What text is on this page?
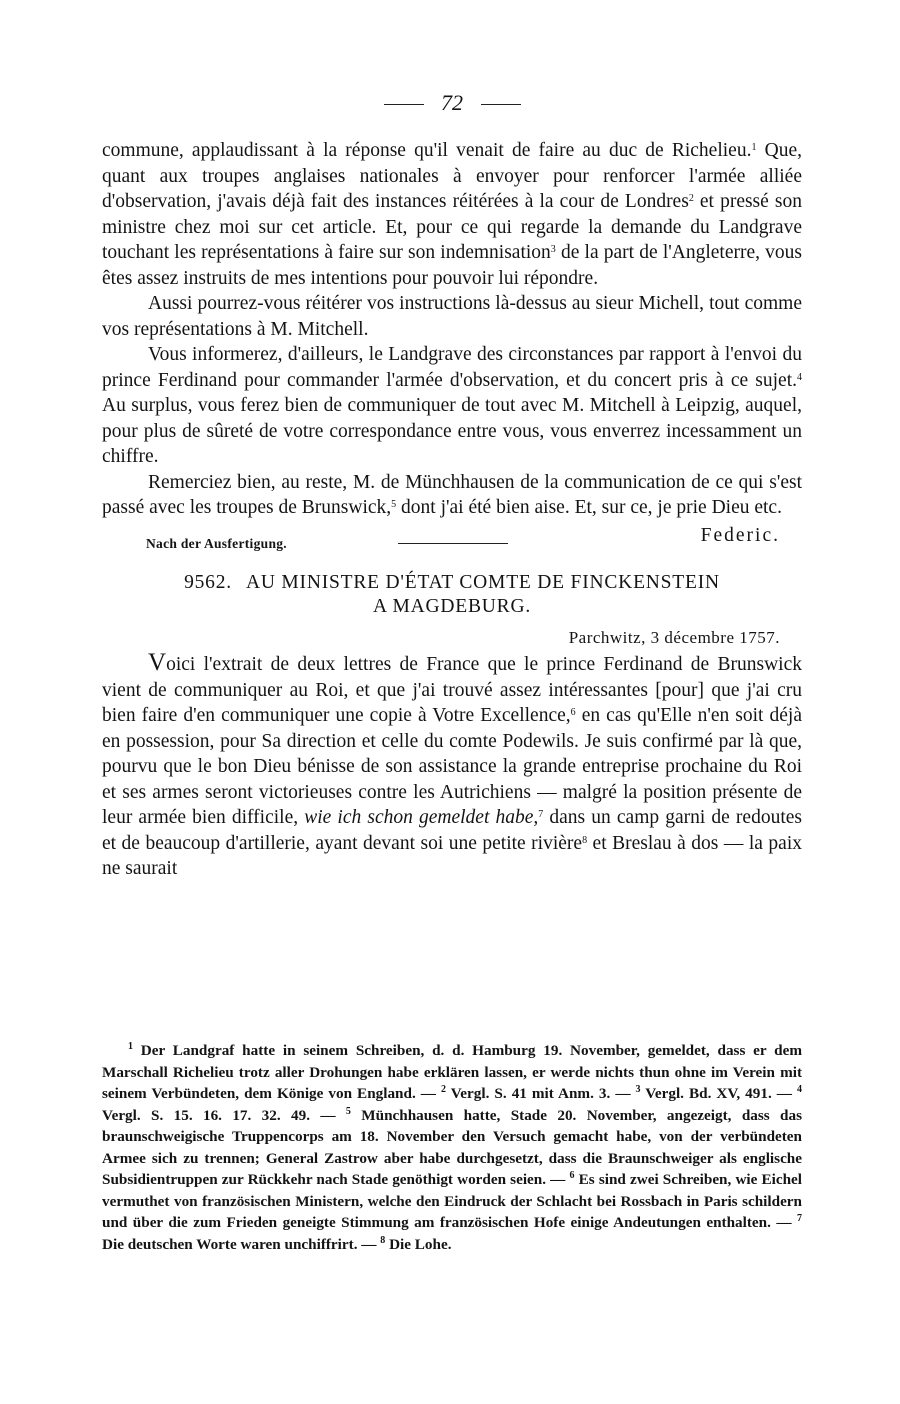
72

commune, applaudissant à la réponse qu'il venait de faire au duc de Richelieu.$^1$ Que, quant aux troupes anglaises nationales à envoyer pour renforcer l'armée alliée d'observation, j'avais déjà fait des instances réitérées à la cour de Londres$^2$ et pressé son ministre chez moi sur cet article. Et, pour ce qui regarde la demande du Landgrave touchant les représentations à faire sur son indemnisation$^3$ de la part de l'Angleterre, vous êtes assez instruits de mes intentions pour pouvoir lui répondre.

Aussi pourrez-vous réitérer vos instructions là-dessus au sieur Michell, tout comme vos représentations à M. Mitchell.

Vous informerez, d'ailleurs, le Landgrave des circonstances par rapport à l'envoi du prince Ferdinand pour commander l'armée d'observation, et du concert pris à ce sujet.$^4$ Au surplus, vous ferez bien de communiquer de tout avec M. Mitchell à Leipzig, auquel, pour plus de sûreté de votre correspondance entre vous, vous enverrez incessamment un chiffre.

Remerciez bien, au reste, M. de Münchhausen de la communication de ce qui s'est passé avec les troupes de Brunswick,$^5$ dont j'ai été bien aise. Et, sur ce, je prie Dieu etc.

Nach der Ausfertigung.	Federic.
9562. AU MINISTRE D'ÉTAT COMTE DE FINCKENSTEIN
A MAGDEBURG.
Parchwitz, 3 décembre 1757.

Voici l'extrait de deux lettres de France que le prince Ferdinand de Brunswick vient de communiquer au Roi, et que j'ai trouvé assez intéressantes [pour] que j'ai cru bien faire d'en communiquer une copie à Votre Excellence,$^6$ en cas qu'Elle n'en soit déjà en possession, pour Sa direction et celle du comte Podewils. Je suis confirmé par là que, pourvu que le bon Dieu bénisse de son assistance la grande entreprise prochaine du Roi et ses armes seront victorieuses contre les Autrichiens — malgré la position présente de leur armée bien difficile, wie ich schon gemeldet habe,$^7$ dans un camp garni de redoutes et de beaucoup d'artillerie, ayant devant soi une petite rivière$^8$ et Breslau à dos — la paix ne saurait

$^1$ Der Landgraf hatte in seinem Schreiben, d. d. Hamburg 19. November, gemeldet, dass er dem Marschall Richelieu trotz aller Drohungen habe erklären lassen, er werde nichts thun ohne im Verein mit seinem Verbündeten, dem Könige von England. — $^2$ Vergl. S. 41 mit Anm. 3. — $^3$ Vergl. Bd. XV, 491. — $^4$ Vergl. S. 15. 16. 17. 32. 49. — $^5$ Münchhausen hatte, Stade 20. November, angezeigt, dass das braunschweigische Truppencorps am 18. November den Versuch gemacht habe, von der verbündeten Armee sich zu trennen; General Zastrow aber habe durchgesetzt, dass die Braunschweiger als englische Subsidientruppen zur Rückkehr nach Stade genöthigt worden seien. — $^6$ Es sind zwei Schreiben, wie Eichel vermuthet von französischen Ministern, welche den Eindruck der Schlacht bei Rossbach in Paris schildern und über die zum Frieden geneigte Stimmung am französischen Hofe einige Andeutungen enthalten. — $^7$ Die deutschen Worte waren unchiffrirt. — $^8$ Die Lohe.
